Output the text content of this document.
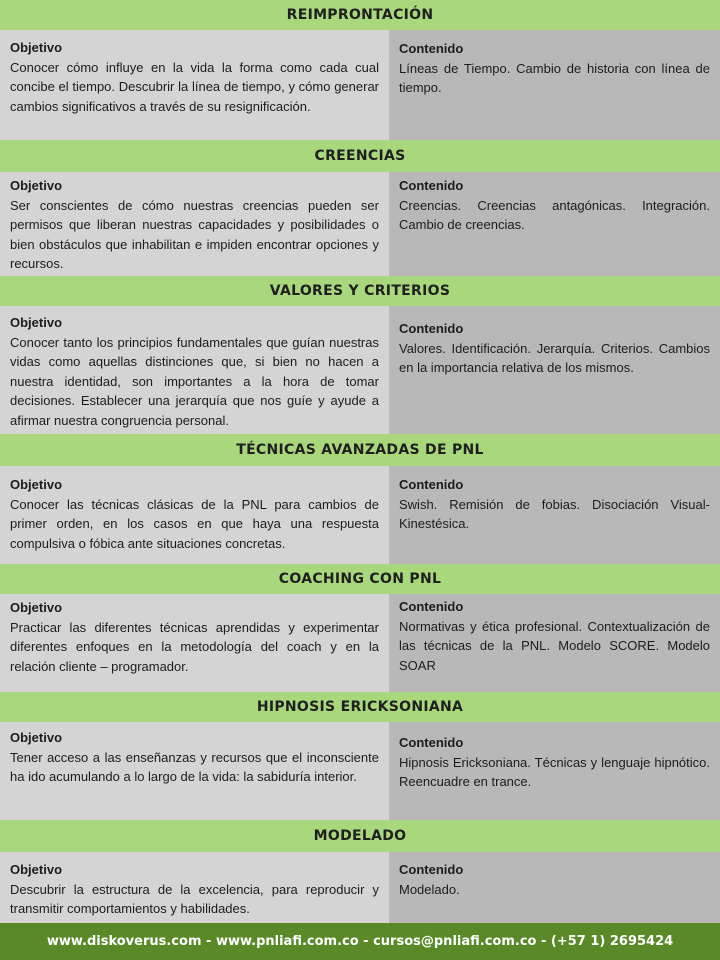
REIMPRONTACIÓN
Objetivo
Conocer cómo influye en la vida la forma como cada cual concibe el tiempo. Descubrir la línea de tiempo, y cómo generar cambios significativos a través de su resignificación.
Contenido
Líneas de Tiempo. Cambio de historia con línea de tiempo.
CREENCIAS
Objetivo
Ser conscientes de cómo nuestras creencias pueden ser permisos que liberan nuestras capacidades y posibilidades o bien obstáculos que inhabilitan e impiden encontrar opciones y recursos.
Contenido
Creencias. Creencias antagónicas. Integración. Cambio de creencias.
VALORES Y CRITERIOS
Objetivo
Conocer tanto los principios fundamentales que guían nuestras vidas como aquellas distinciones que, si bien no hacen a nuestra identidad, son importantes a la hora de tomar decisiones. Establecer una jerarquía que nos guíe y ayude a afirmar nuestra congruencia personal.
Contenido
Valores. Identificación. Jerarquía. Criterios. Cambios en la importancia relativa de los mismos.
TÉCNICAS AVANZADAS DE PNL
Objetivo
Conocer las técnicas clásicas de la PNL para cambios de primer orden, en los casos en que haya una respuesta compulsiva o fóbica ante situaciones concretas.
Contenido
Swish. Remisión de fobias. Disociación Visual-Kinestésica.
COACHING CON PNL
Objetivo
Practicar las diferentes técnicas aprendidas y experimentar diferentes enfoques en la metodología del coach y en la relación cliente – programador.
Contenido
Normativas y ética profesional. Contextualización de las técnicas de la PNL. Modelo SCORE. Modelo SOAR
HIPNOSIS ERICKSONIANA
Objetivo
Tener acceso a las enseñanzas y recursos que el inconsciente ha ido acumulando a lo largo de la vida: la sabiduría interior.
Contenido
Hipnosis Ericksoniana. Técnicas y lenguaje hipnótico. Reencuadre en trance.
MODELADO
Objetivo
Descubrir la estructura de la excelencia, para reproducir y transmitir comportamientos y habilidades.
Contenido
Modelado.
www.diskoverus.com - www.pnliafi.com.co - cursos@pnliafi.com.co - (+57 1) 2695424
